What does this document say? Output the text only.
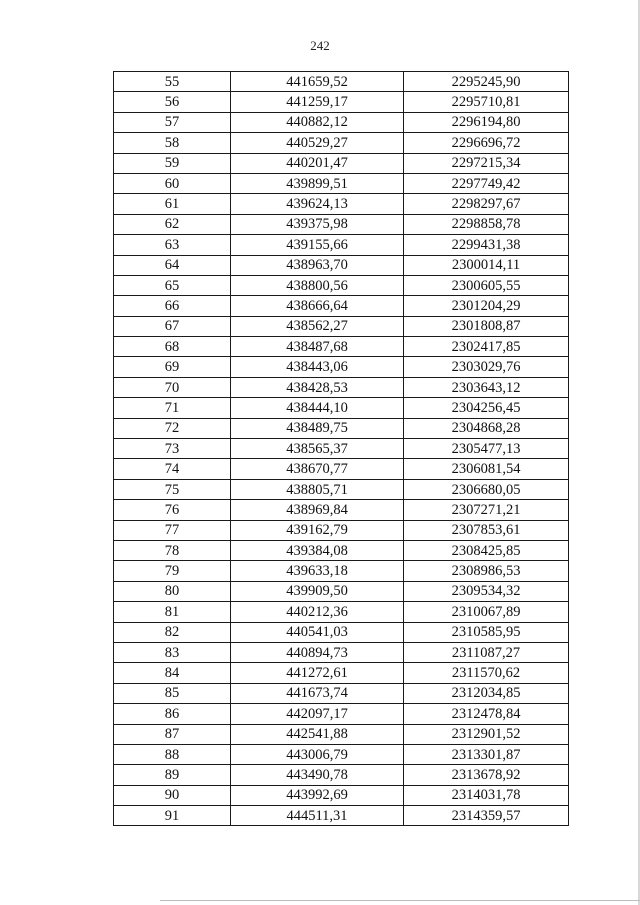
242
55	441659,52	2295245,90
56	441259,17	2295710,81
57	440882,12	2296194,80
58	440529,27	2296696,72
59	440201,47	2297215,34
60	439899,51	2297749,42
61	439624,13	2298297,67
62	439375,98	2298858,78
63	439155,66	2299431,38
64	438963,70	2300014,11
65	438800,56	2300605,55
66	438666,64	2301204,29
67	438562,27	2301808,87
68	438487,68	2302417,85
69	438443,06	2303029,76
70	438428,53	2303643,12
71	438444,10	2304256,45
72	438489,75	2304868,28
73	438565,37	2305477,13
74	438670,77	2306081,54
75	438805,71	2306680,05
76	438969,84	2307271,21
77	439162,79	2307853,61
78	439384,08	2308425,85
79	439633,18	2308986,53
80	439909,50	2309534,32
81	440212,36	2310067,89
82	440541,03	2310585,95
83	440894,73	2311087,27
84	441272,61	2311570,62
85	441673,74	2312034,85
86	442097,17	2312478,84
87	442541,88	2312901,52
88	443006,79	2313301,87
89	443490,78	2313678,92
90	443992,69	2314031,78
91	444511,31	2314359,57
